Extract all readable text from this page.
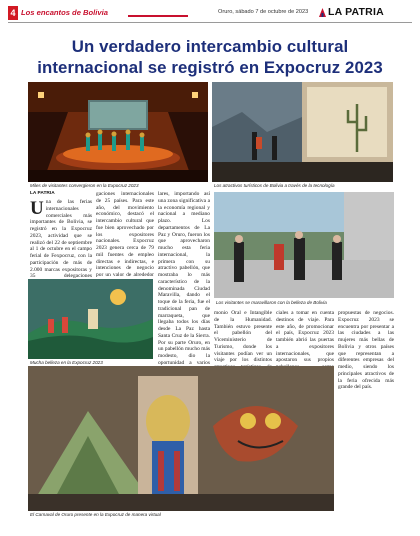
4 Los encantos de Bolivia	Oruro, sábado 7 de octubre de 2023 LA PATRIA
Un verdadero intercambio cultural
internacional se registró en Expocruz 2023
Miles de visitantes convergieron en la Expocruz 2023	Los atractivos turísticos de Bolivia a través de la tecnología
LA PATRIA
Una de las ferias internacionales comerciales más importantes de Bolivia, se registró en la Expocruz 2023, actividad que se realizó del 22 de septiembre al 1 de octubre en el campo ferial de Fexpocruz, con la participación de más de 2.000 marcas expositoras y 35 delegaciones

gaciones internacionales de 25 países. Para este año, del movimiento económico, destacó el intercambio cultural que fue bien aprovechado por los expositores nacionales. Expocruz 2023 genera cerca de 79 mil fuentes de empleo directas e indirectas, e intenciones de negocio por un valor de alrededor

lares, importando así una zona significativa a la economía regional y nacional a mediano plazo. Los departamentos de La Paz y Oruro, fueron los que aprovecharon mucho esta feria internacional, la primera con su atractivo pabellón, que mostraba lo más característico de la denominada Ciudad Maravilla, dando el toque de la feria, fue el tradicional pan de marraqueta, que llegaba todos los días desde La Paz hasta Santa Cruz de la Sierra. Por su parte Oruro, en un pabellón mucho más modesto, dio la oportunidad a varios

Mucha belleza en la Expocruz 2023
Los visitantes se maravillaron con la belleza de Bolivia

monio Oral e Intangible de la Humanidad. También estuvo presente el pabellón del Viceministerio de Turismo, donde los visitantes podían ver un viaje por los distintos

ciales a tomar en cuenta destinos de viaje. Para este año, de promocionar el país, Expocruz 2023 también abrió las puertas a expositores internacionales, que apostaron sus propios

propuestas de negocios. Expocruz 2023 se encuentra por presentar a las ciudades a las mujeres más bellas de Bolivia y otros países que representan a diferentes empresas del medio, siendo los principales atractivos de la feria ofrecida más grande del país.

El Carnaval de Oruro presente en la Expocruz de manera virtual
